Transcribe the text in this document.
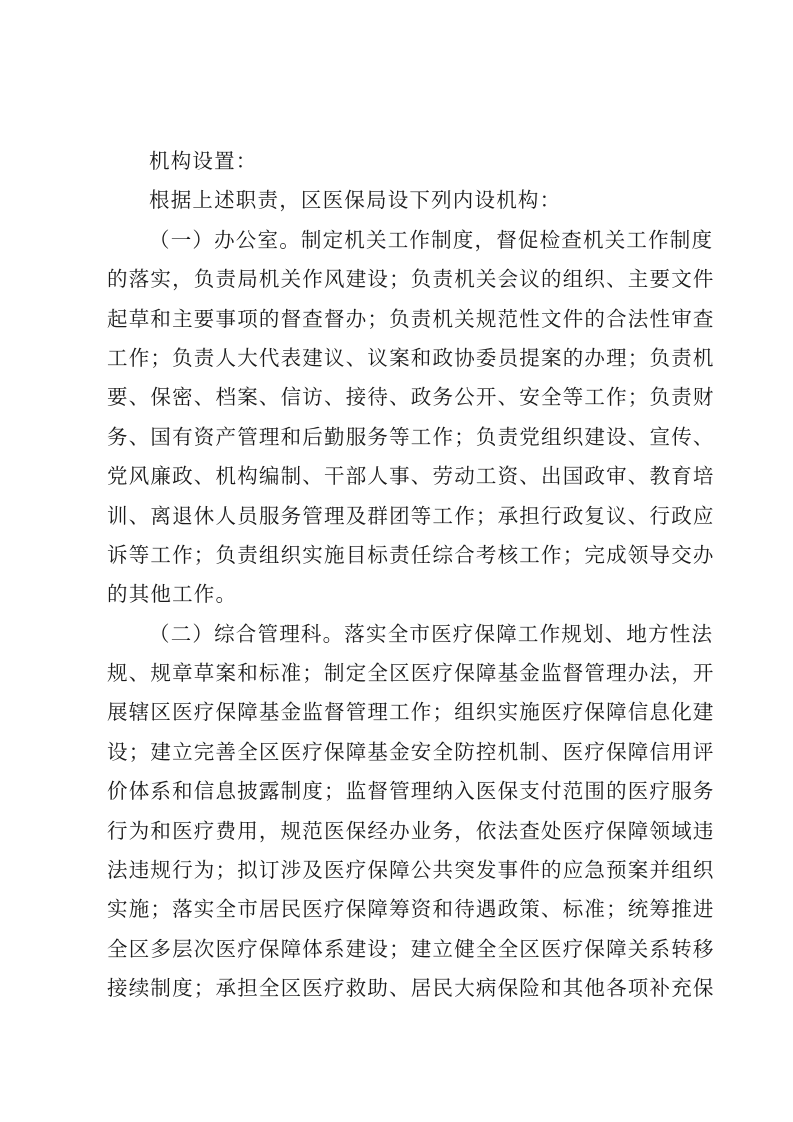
机构设置：
根据上述职责，区医保局设下列内设机构：
（一）办公室。制定机关工作制度，督促检查机关工作制度
的落实，负责局机关作风建设；负责机关会议的组织、主要文件
起草和主要事项的督查督办；负责机关规范性文件的合法性审查
工作；负责人大代表建议、议案和政协委员提案的办理；负责机
要、保密、档案、信访、接待、政务公开、安全等工作；负责财
务、国有资产管理和后勤服务等工作；负责党组织建设、宣传、
党风廉政、机构编制、干部人事、劳动工资、出国政审、教育培
训、离退休人员服务管理及群团等工作；承担行政复议、行政应
诉等工作；负责组织实施目标责任综合考核工作；完成领导交办
的其他工作。
（二）综合管理科。落实全市医疗保障工作规划、地方性法
规、规章草案和标准；制定全区医疗保障基金监督管理办法，开
展辖区医疗保障基金监督管理工作；组织实施医疗保障信息化建
设；建立完善全区医疗保障基金安全防控机制、医疗保障信用评
价体系和信息披露制度；监督管理纳入医保支付范围的医疗服务
行为和医疗费用，规范医保经办业务，依法查处医疗保障领域违
法违规行为；拟订涉及医疗保障公共突发事件的应急预案并组织
实施；落实全市居民医疗保障筹资和待遇政策、标准；统筹推进
全区多层次医疗保障体系建设；建立健全全区医疗保障关系转移
接续制度；承担全区医疗救助、居民大病保险和其他各项补充保
